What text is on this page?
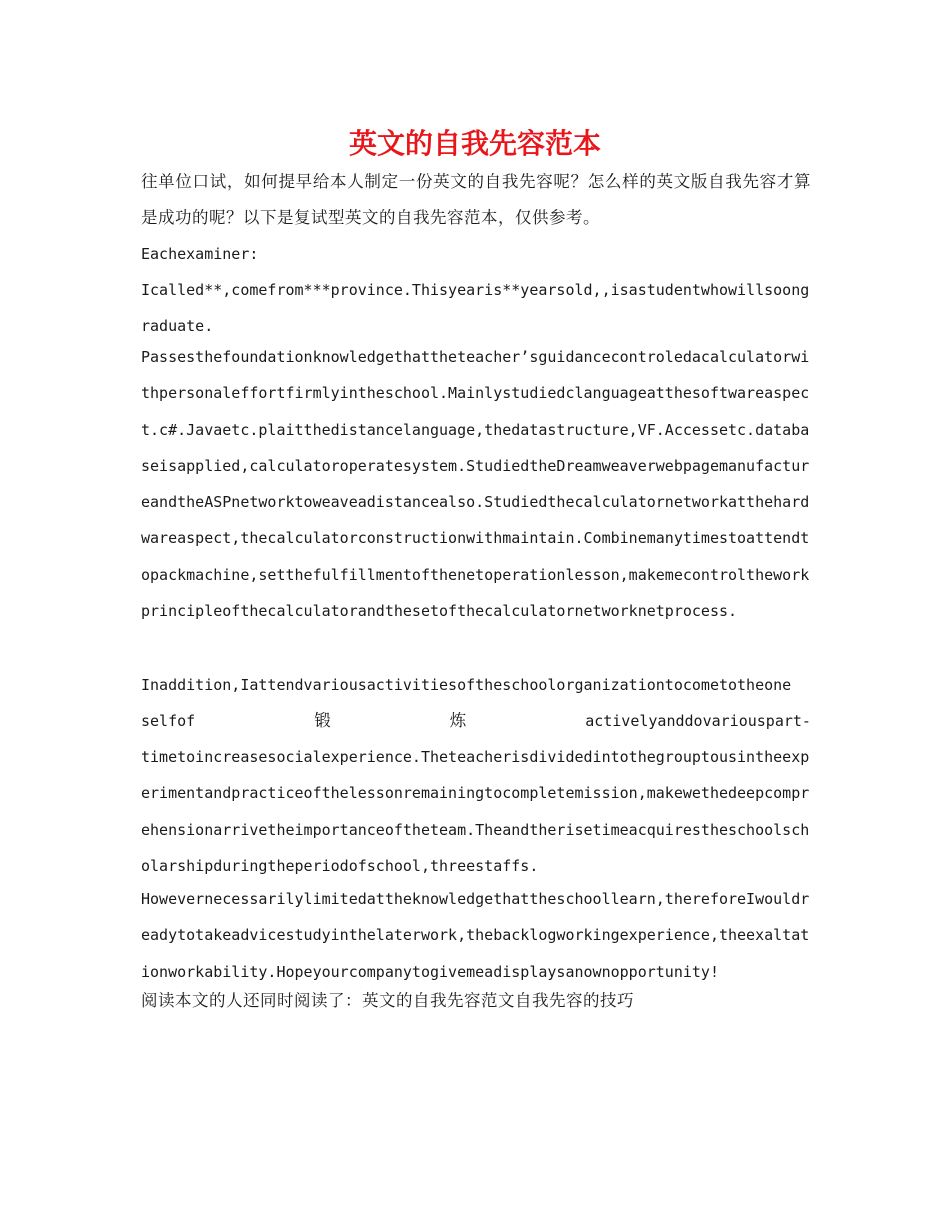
英文的自我先容范本

往单位口试，如何提早给本人制定一份英文的自我先容呢？怎么样的英文版自我先容才算是成功的呢？以下是复试型英文的自我先容范本，仅供参考。

Eachexaminer:

Icalled**,comefrom***province.Thisyearis**yearsold,,isastudentwhowillsoongraduate.

Passesthefoundationknowledgethattheteacher’sguidancecontroledacalculatorwithpersonaleffortfirmlyintheschool.Mainlystudiedclanguageatthesoftwareaspect.c#.Javaetc.plaitthedistancelanguage,thedatastructure,VF.Accessetc.databaseisapplied,calculatoroperatesystem.StudiedtheDreamweaverwebpagemanufactureandtheASPnetworktoweaveadistancealso.Studiedthecalculatornetworkatthehardwareaspect,thecalculatorconstructionwithmaintain.Combinemanytimestoattendtopackmachine,setthefulfillmentofthenetoperationlesson,makemecontroltheworkprincipleofthecalculatorandthesetofthecalculatornetworknetprocess.

Inaddition,Iattendvariousactivitiesoftheschoolorganizationtocometotheone

selfof	锻	炼	activelyanddovariouspart-

timetoincreasesocialexperience.Theteacherisdividedintothegrouptousintheexperimentandpracticeofthelessonremainingtocompletemission,makewethedeepcomprehensionarrivetheimportanceoftheteam.Theandtherisetimeacquirestheschoolscholarshipduringtheperiodofschool,threestaffs.

Howevernecessarilylimitedattheknowledgethattheschoollearn,thereforeIwouldreadytotakeadvicestudyinthelaterwork,thebacklogworkingexperience,theexaltationworkability.Hopeyourcompanytogivemeadisplaysanownopportunity!

阅读本文的人还同时阅读了：英文的自我先容范文自我先容的技巧
